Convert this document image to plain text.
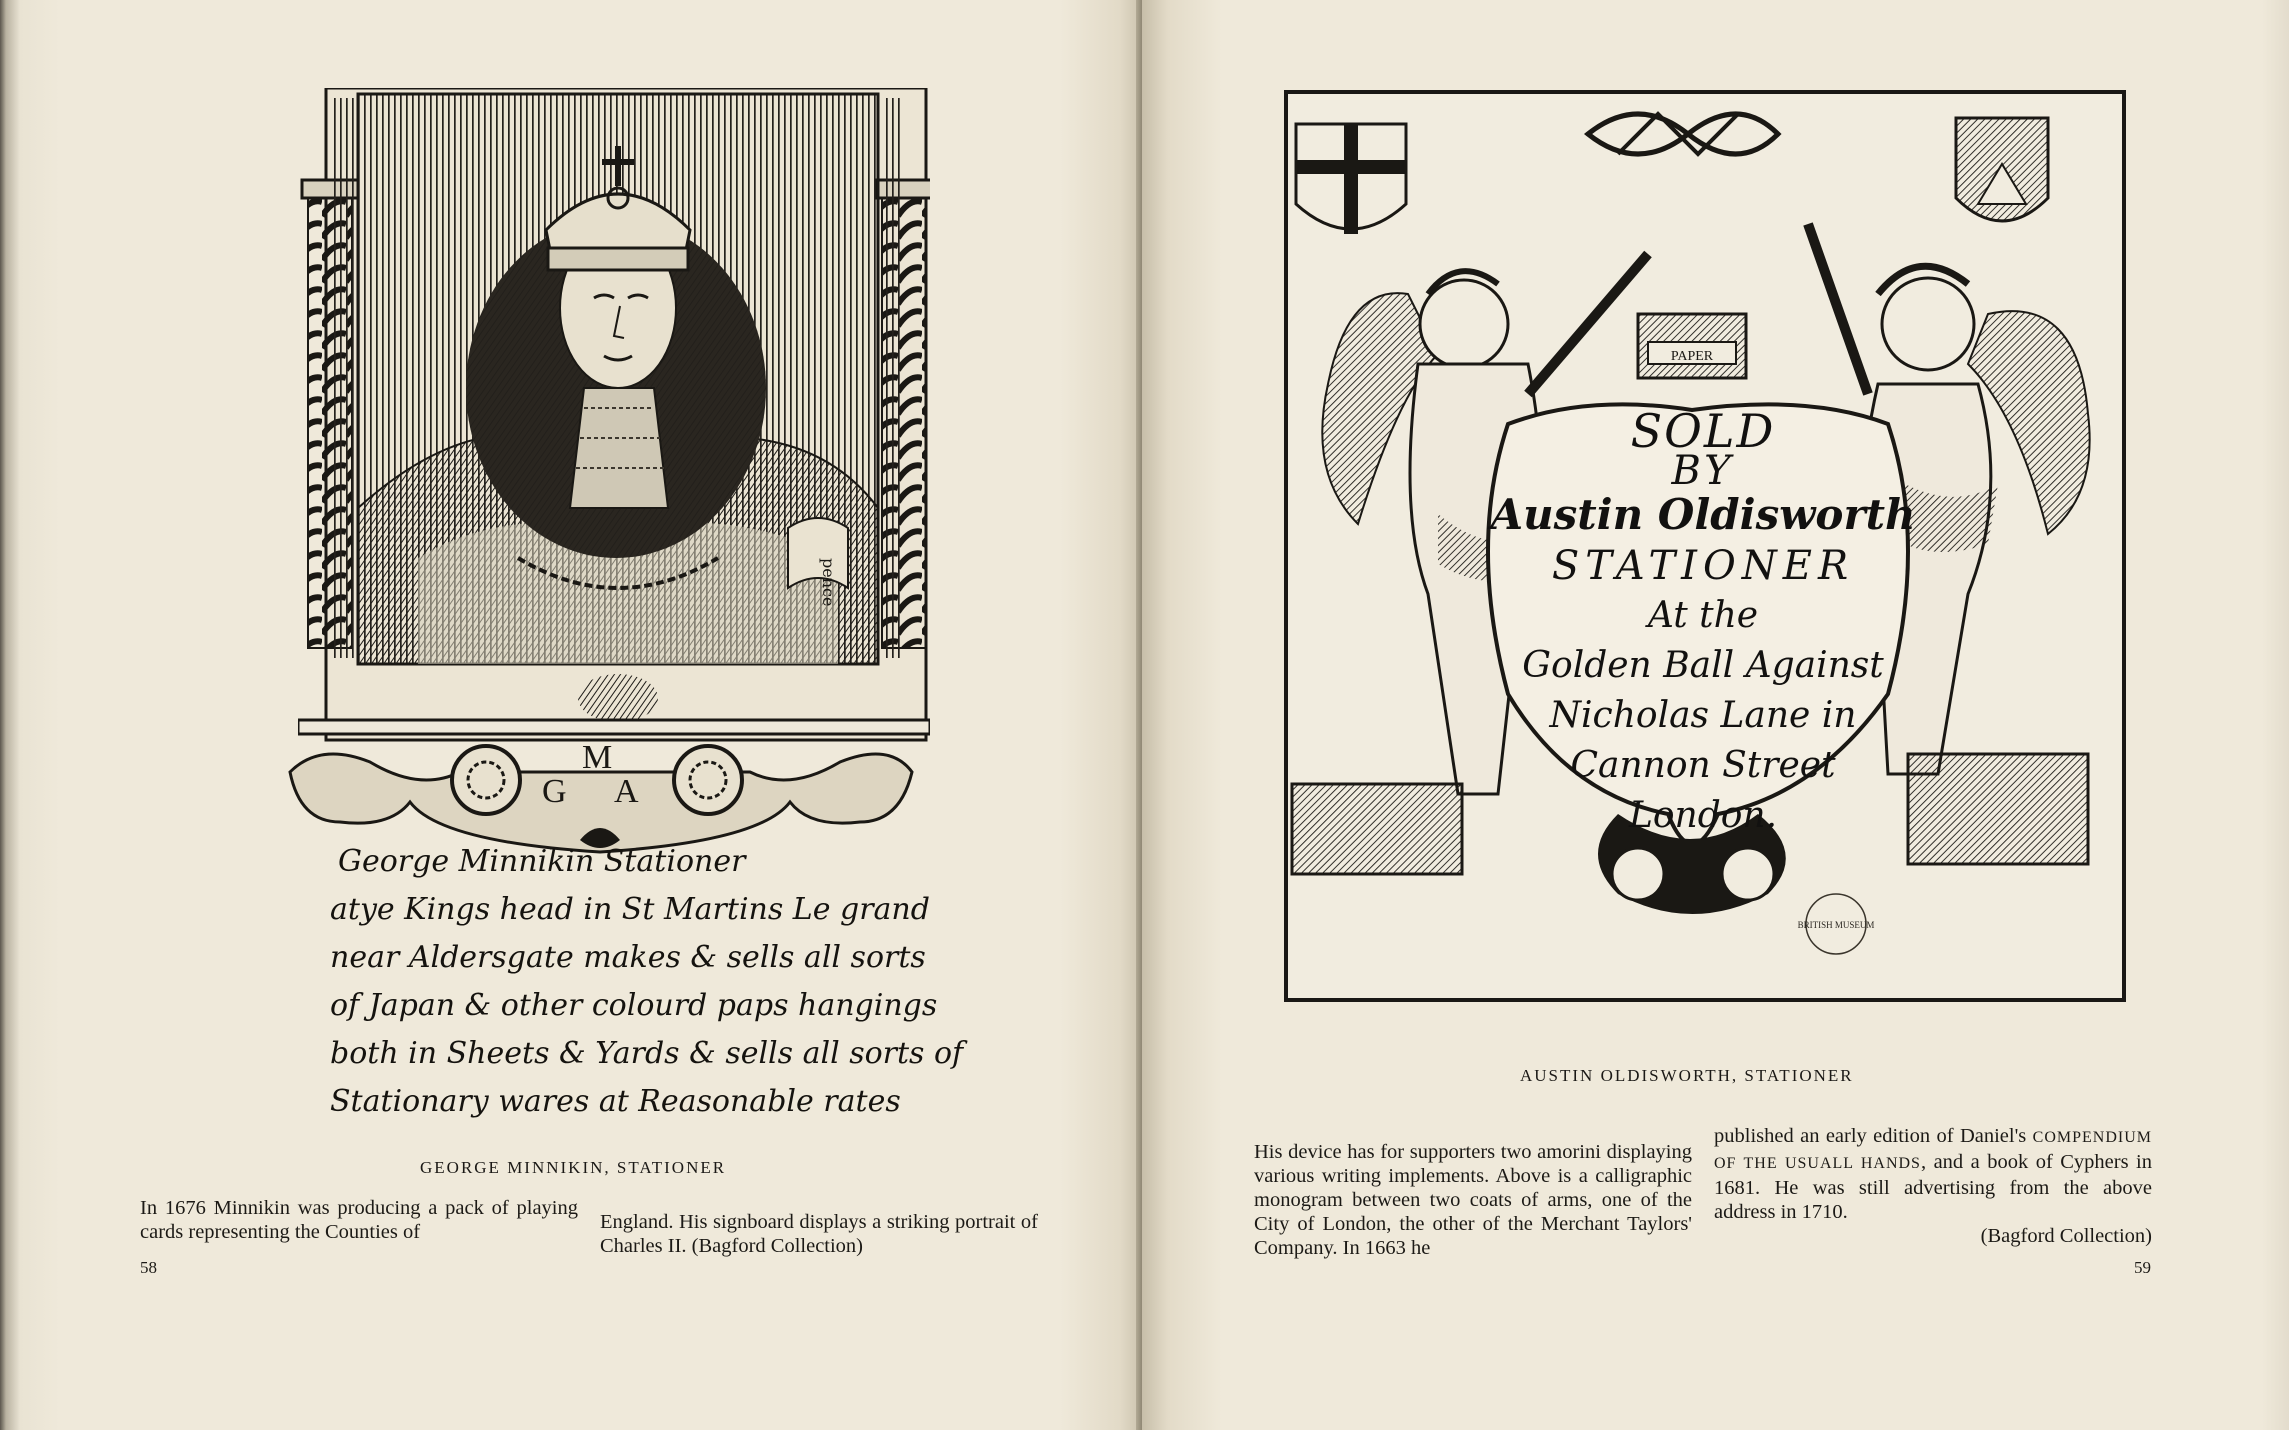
pence
M
G A
George Minnikin Stationer
atye Kings head in St Martins Le grand
near Aldersgate makes & sells all sorts
of Japan & other colourd paps hangings
both in Sheets & Yards & sells all sorts of
Stationary wares at Reasonable rates
GEORGE MINNIKIN, STATIONER
In 1676 Minnikin was producing a pack of playing cards representing the Counties of	England. His signboard displays a striking portrait of Charles II. (Bagford Collection)
58
PAPER
BRITISH MUSEUM
SOLD
BY
Austin Oldisworth
STATIONER
At the
Golden Ball Against
Nicholas Lane in
Cannon Street
London.
AUSTIN OLDISWORTH, STATIONER
His device has for supporters two amorini displaying various writing implements. Above is a calligraphic monogram between two coats of arms, one of the City of London, the other of the Merchant Taylors' Company. In 1663 he
published an early edition of Daniel's COMPENDIUM OF THE USUALL HANDS, and a book of Cyphers in 1681. He was still advertising from the above address in 1710.
(Bagford Collection)
59
